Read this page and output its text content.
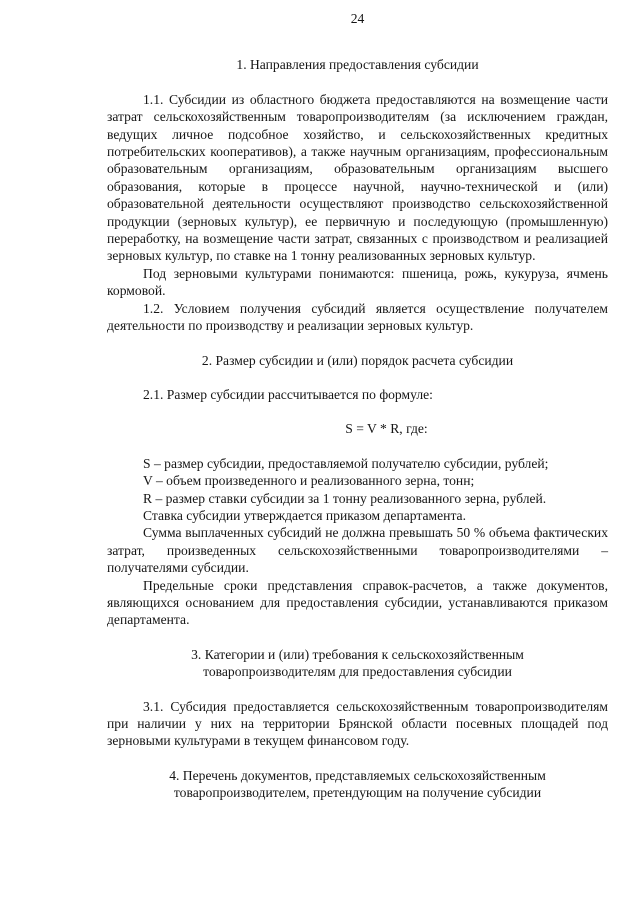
24
1. Направления предоставления субсидии
1.1. Субсидии из областного бюджета предоставляются на возмещение части затрат сельскохозяйственным товаропроизводителям (за исключением граждан, ведущих личное подсобное хозяйство, и сельскохозяйственных кредитных потребительских кооперативов), а также научным организациям, профессиональным образовательным организациям, образовательным организациям высшего образования, которые в процессе научной, научно-технической и (или) образовательной деятельности осуществляют производство сельскохозяйственной продукции (зерновых культур), ее первичную и последующую (промышленную) переработку, на возмещение части затрат, связанных с производством и реализацией зерновых культур, по ставке на 1 тонну реализованных зерновых культур.
Под зерновыми культурами понимаются: пшеница, рожь, кукуруза, ячмень кормовой.
1.2. Условием получения субсидий является осуществление получателем деятельности по производству и реализации зерновых культур.
2. Размер субсидии и (или) порядок расчета субсидии
2.1. Размер субсидии рассчитывается по формуле:
S = V * R, где:
S – размер субсидии, предоставляемой получателю субсидии, рублей;
V – объем произведенного и реализованного зерна, тонн;
R – размер ставки субсидии за 1 тонну реализованного зерна, рублей.
Ставка субсидии утверждается приказом департамента.
Сумма выплаченных субсидий не должна превышать 50 % объема фактических затрат, произведенных сельскохозяйственными товаропроизводителями – получателями субсидии.
Предельные сроки представления справок-расчетов, а также документов, являющихся основанием для предоставления субсидии, устанавливаются приказом департамента.
3. Категории и (или) требования к сельскохозяйственным
товаропроизводителям для предоставления субсидии
3.1. Субсидия предоставляется сельскохозяйственным товаропроизводителям при наличии у них на территории Брянской области посевных площадей под зерновыми культурами в текущем финансовом году.
4. Перечень документов, представляемых сельскохозяйственным
товаропроизводителем, претендующим на получение субсидии
